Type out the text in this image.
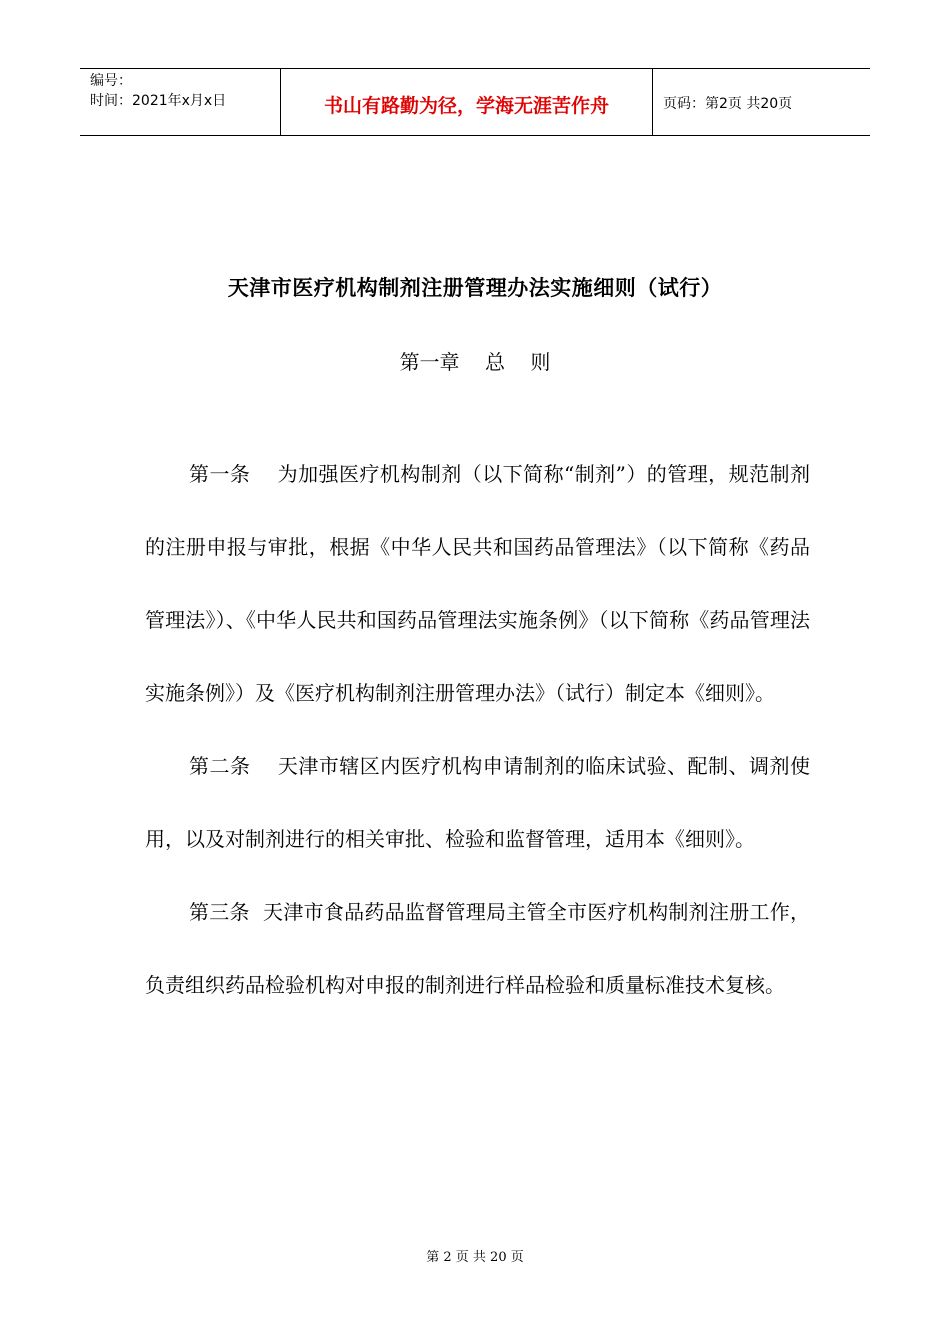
编号：
时间：2021年x月x日	书山有路勤为径，学海无涯苦作舟	页码：第2页 共20页
天津市医疗机构制剂注册管理办法实施细则（试行）
第一章    总    则

第一条    为加强医疗机构制剂（以下简称“制剂”）的管理，规范制剂的注册申报与审批，根据《中华人民共和国药品管理法》（以下简称《药品管理法》）、《中华人民共和国药品管理法实施条例》（以下简称《药品管理法实施条例》）及《医疗机构制剂注册管理办法》（试行）制定本《细则》。

第二条    天津市辖区内医疗机构申请制剂的临床试验、配制、调剂使用，以及对制剂进行的相关审批、检验和监督管理，适用本《细则》。

第三条  天津市食品药品监督管理局主管全市医疗机构制剂注册工作，负责组织药品检验机构对申报的制剂进行样品检验和质量标准技术复核。

第 2 页 共 20 页
